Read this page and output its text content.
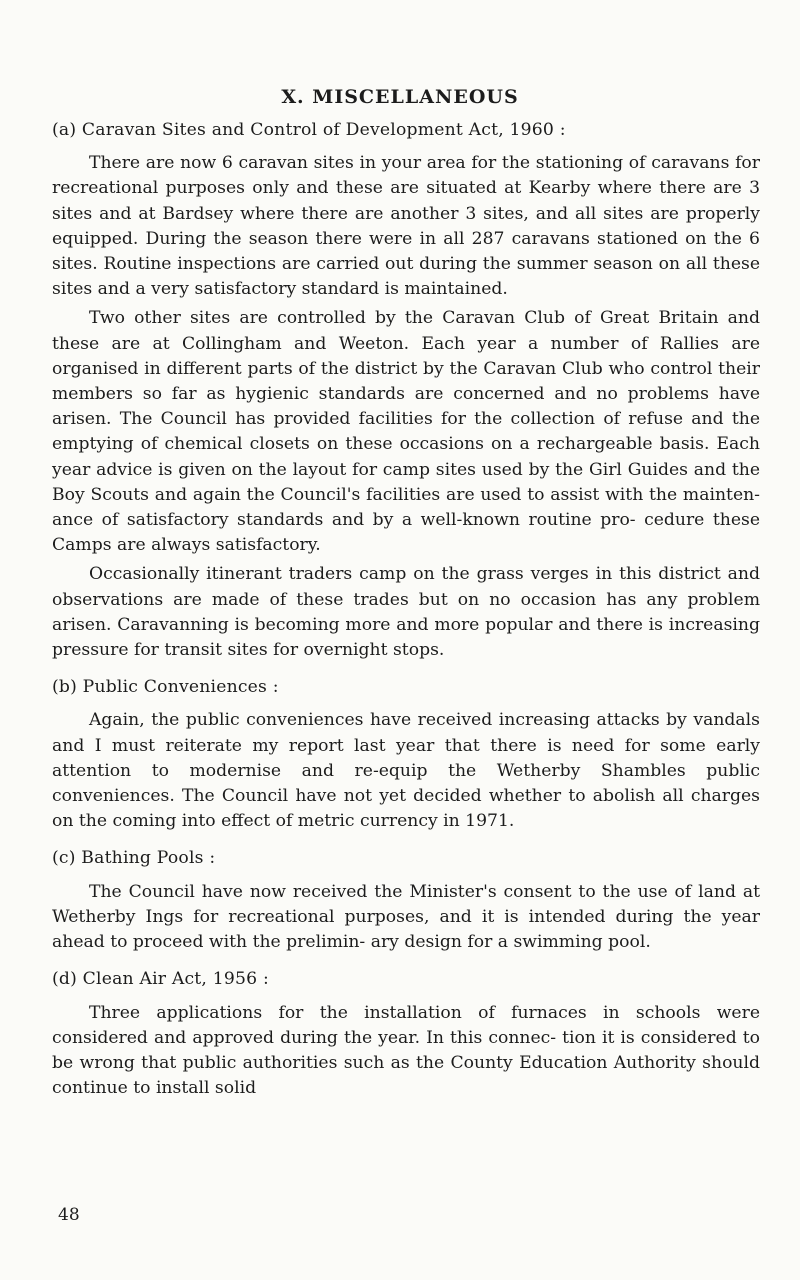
X. MISCELLANEOUS
(a) Caravan Sites and Control of Development Act, 1960 :

There are now 6 caravan sites in your area for the stationing of caravans for recreational purposes only and these are situated at Kearby where there are 3 sites and at Bardsey where there are another 3 sites, and all sites are properly equipped. During the season there were in all 287 caravans stationed on the 6 sites. Routine inspections are carried out during the summer season on all these sites and a very satisfactory standard is maintained.

Two other sites are controlled by the Caravan Club of Great Britain and these are at Collingham and Weeton. Each year a number of Rallies are organised in different parts of the district by the Caravan Club who control their members so far as hygienic standards are concerned and no problems have arisen. The Council has provided facilities for the collection of refuse and the emptying of chemical closets on these occasions on a rechargeable basis. Each year advice is given on the layout for camp sites used by the Girl Guides and the Boy Scouts and again the Council's facilities are used to assist with the mainten- ance of satisfactory standards and by a well-known routine pro- cedure these Camps are always satisfactory.

Occasionally itinerant traders camp on the grass verges in this district and observations are made of these trades but on no occasion has any problem arisen. Caravanning is becoming more and more popular and there is increasing pressure for transit sites for overnight stops.

(b) Public Conveniences :

Again, the public conveniences have received increasing attacks by vandals and I must reiterate my report last year that there is need for some early attention to modernise and re-equip the Wetherby Shambles public conveniences. The Council have not yet decided whether to abolish all charges on the coming into effect of metric currency in 1971.

(c) Bathing Pools :

The Council have now received the Minister's consent to the use of land at Wetherby Ings for recreational purposes, and it is intended during the year ahead to proceed with the prelimin- ary design for a swimming pool.

(d) Clean Air Act, 1956 :

Three applications for the installation of furnaces in schools were considered and approved during the year. In this connec- tion it is considered to be wrong that public authorities such as the County Education Authority should continue to install solid

48
